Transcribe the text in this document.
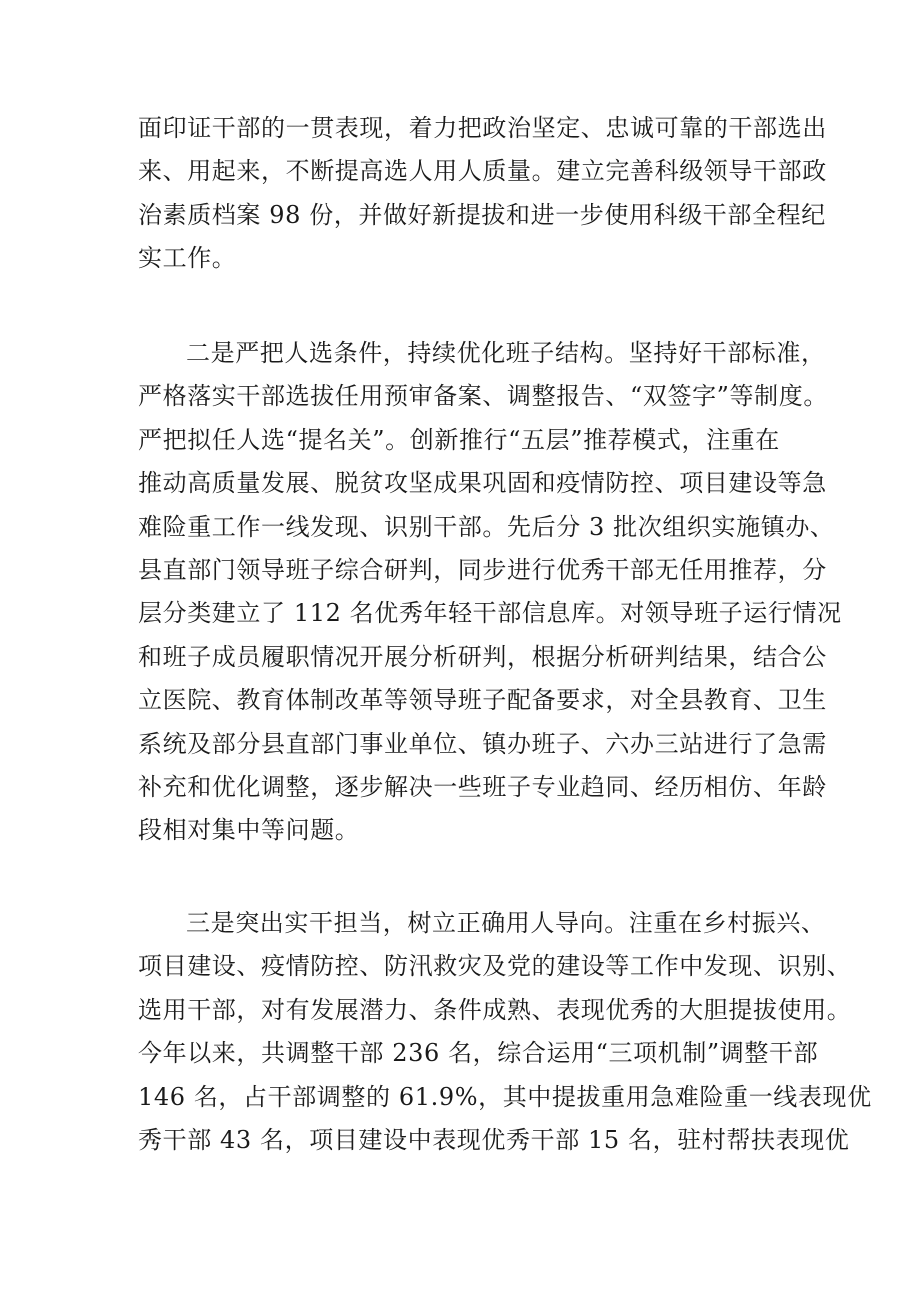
面印证干部的一贯表现，着力把政治坚定、忠诚可靠的干部选出
来、用起来，不断提高选人用人质量。建立完善科级领导干部政
治素质档案 98 份，并做好新提拔和进一步使用科级干部全程纪
实工作。

二是严把人选条件，持续优化班子结构。坚持好干部标准，
严格落实干部选拔任用预审备案、调整报告、“双签字”等制度。
严把拟任人选“提名关”。创新推行“五层”推荐模式，注重在
推动高质量发展、脱贫攻坚成果巩固和疫情防控、项目建设等急
难险重工作一线发现、识别干部。先后分 3 批次组织实施镇办、
县直部门领导班子综合研判，同步进行优秀干部无任用推荐，分
层分类建立了 112 名优秀年轻干部信息库。对领导班子运行情况
和班子成员履职情况开展分析研判，根据分析研判结果，结合公
立医院、教育体制改革等领导班子配备要求，对全县教育、卫生
系统及部分县直部门事业单位、镇办班子、六办三站进行了急需
补充和优化调整，逐步解决一些班子专业趋同、经历相仿、年龄
段相对集中等问题。

三是突出实干担当，树立正确用人导向。注重在乡村振兴、
项目建设、疫情防控、防汛救灾及党的建设等工作中发现、识别、
选用干部，对有发展潜力、条件成熟、表现优秀的大胆提拔使用。
今年以来，共调整干部 236 名，综合运用“三项机制”调整干部
146 名，占干部调整的 61.9%，其中提拔重用急难险重一线表现优
秀干部 43 名，项目建设中表现优秀干部 15 名，驻村帮扶表现优
